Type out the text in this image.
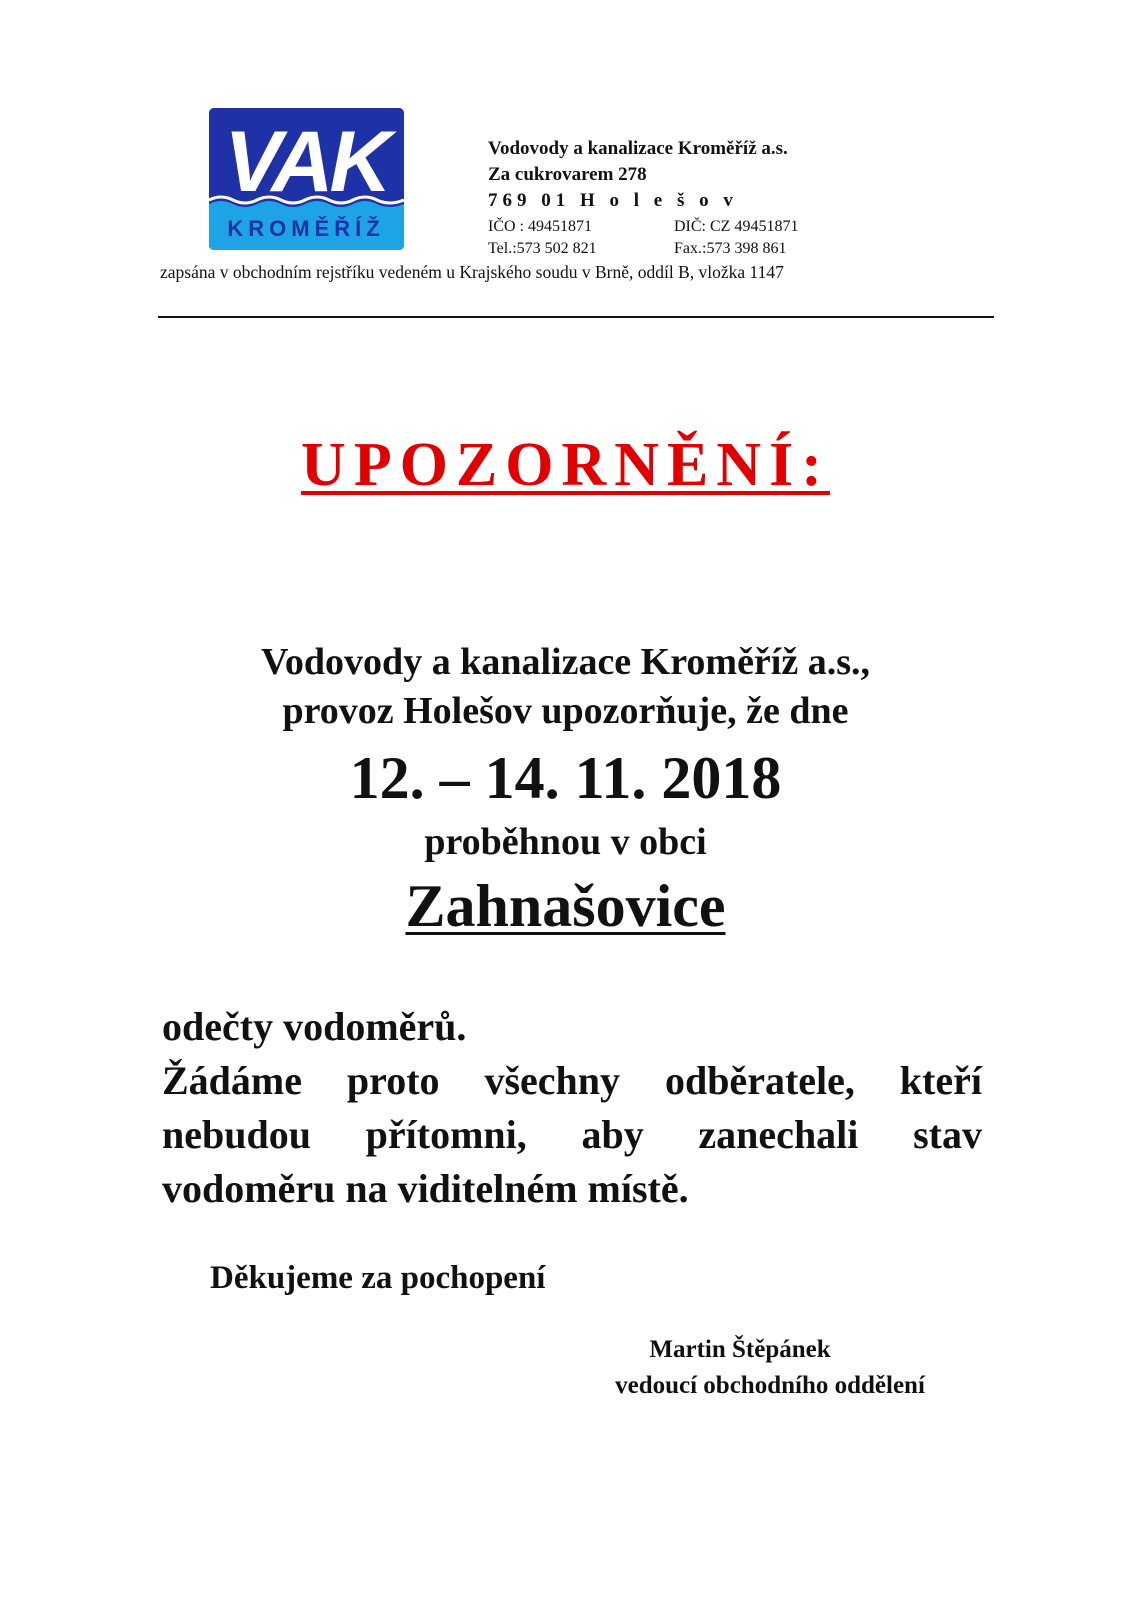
VAK
KROMĚŘÍŽ
Vodovody a kanalizace Kroměříž a.s.
Za cukrovarem 278
769 01 H o l e š o v
IČO : 49451871	DIČ: CZ 49451871
Tel.:573 502 821	Fax.:573 398 861
zapsána v obchodním rejstříku vedeném u Krajského soudu v Brně, oddíl B, vložka 1147
UPOZORNĚNÍ:
Vodovody a kanalizace Kroměříž a.s.,
provoz Holešov upozorňuje, že dne
12. – 14. 11. 2018
proběhnou v obci
Zahnašovice
odečty vodoměrů.
Žádáme proto všechny odběratele, kteří nebudou přítomni, aby zanechali stav vodoměru na viditelném místě.
Děkujeme za pochopení
Martin Štěpánek
vedoucí obchodního oddělení
